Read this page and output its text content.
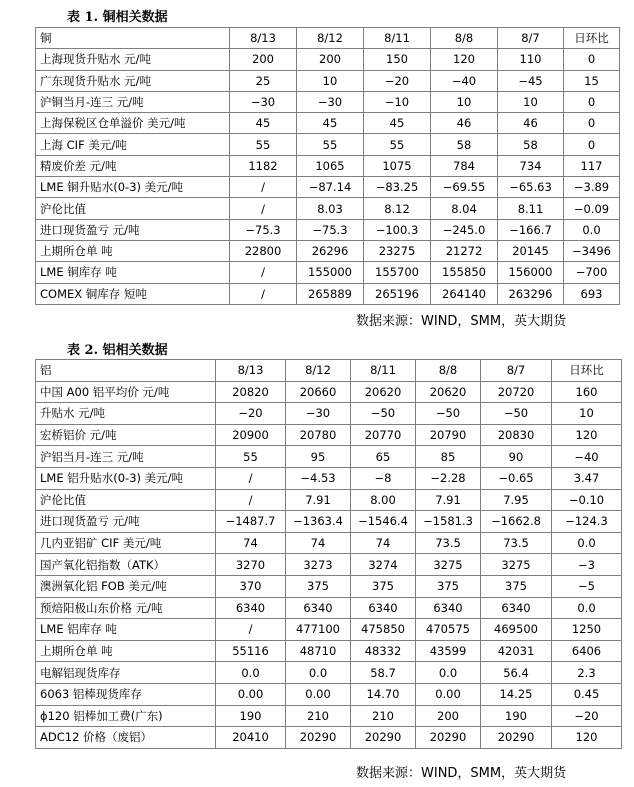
表 1. 铜相关数据
铜	8/13	8/12	8/11	8/8	8/7	日环比
上海现货升贴水 元/吨	200	200	150	120	110	0
广东现货升贴水 元/吨	25	10	−20	−40	−45	15
沪铜当月-连三 元/吨	−30	−30	−10	10	10	0
上海保税区仓单溢价 美元/吨	45	45	45	46	46	0
上海 CIF 美元/吨	55	55	55	58	58	0
精废价差 元/吨	1182	1065	1075	784	734	117
LME 铜升贴水(0-3) 美元/吨	/	−87.14	−83.25	−69.55	−65.63	−3.89
沪伦比值	/	8.03	8.12	8.04	8.11	−0.09
进口现货盈亏 元/吨	−75.3	−75.3	−100.3	−245.0	−166.7	0.0
上期所仓单 吨	22800	26296	23275	21272	20145	−3496
LME 铜库存 吨	/	155000	155700	155850	156000	−700
COMEX 铜库存 短吨	/	265889	265196	264140	263296	693
数据来源：WIND，SMM，英大期货
表 2. 铝相关数据
铝	8/13	8/12	8/11	8/8	8/7	日环比
中国 A00 铝平均价 元/吨	20820	20660	20620	20620	20720	160
升贴水 元/吨	−20	−30	−50	−50	−50	10
宏桥铝价 元/吨	20900	20780	20770	20790	20830	120
沪铝当月-连三 元/吨	55	95	65	85	90	−40
LME 铝升贴水(0-3) 美元/吨	/	−4.53	−8	−2.28	−0.65	3.47
沪伦比值	/	7.91	8.00	7.91	7.95	−0.10
进口现货盈亏 元/吨	−1487.7	−1363.4	−1546.4	−1581.3	−1662.8	−124.3
几内亚铝矿 CIF 美元/吨	74	74	74	73.5	73.5	0.0
国产氧化铝指数（ATK）	3270	3273	3274	3275	3275	−3
澳洲氧化铝 FOB 美元/吨	370	375	375	375	375	−5
预焙阳极山东价格 元/吨	6340	6340	6340	6340	6340	0.0
LME 铝库存 吨	/	477100	475850	470575	469500	1250
上期所仓单 吨	55116	48710	48332	43599	42031	6406
电解铝现货库存	0.0	0.0	58.7	0.0	56.4	2.3
6063 铝棒现货库存	0.00	0.00	14.70	0.00	14.25	0.45
ϕ120 铝棒加工费(广东)	190	210	210	200	190	−20
ADC12 价格（废铝）	20410	20290	20290	20290	20290	120
数据来源：WIND，SMM，英大期货
